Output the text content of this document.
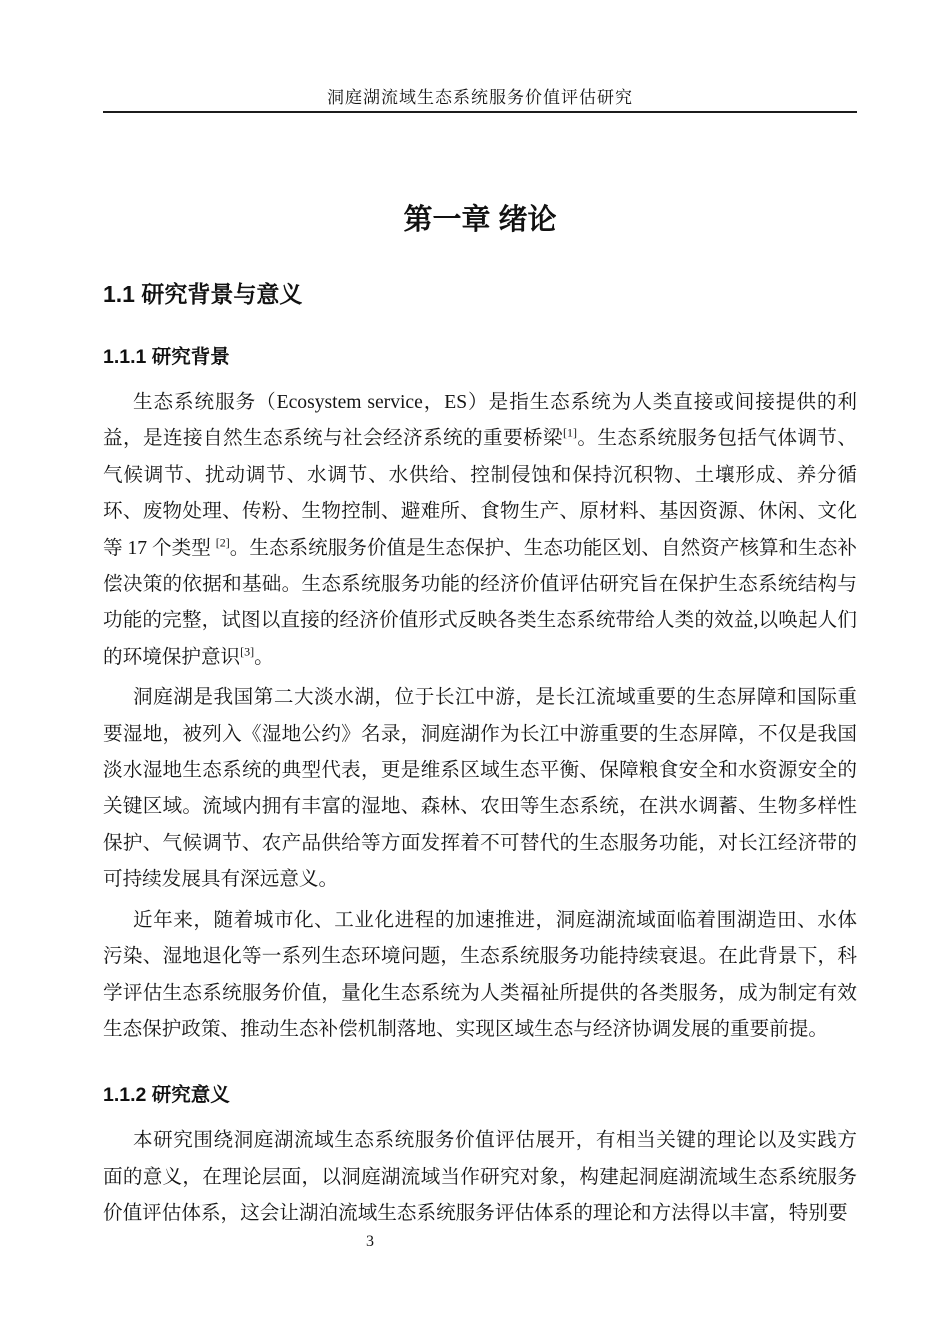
洞庭湖流域生态系统服务价值评估研究
第一章 绪论
1.1 研究背景与意义
1.1.1 研究背景

生态系统服务（Ecosystem service，ES）是指生态系统为人类直接或间接提供的利益，是连接自然生态系统与社会经济系统的重要桥梁[1]。生态系统服务包括气体调节、气候调节、扰动调节、水调节、水供给、控制侵蚀和保持沉积物、土壤形成、养分循环、废物处理、传粉、生物控制、避难所、食物生产、原材料、基因资源、休闲、文化等 17 个类型 [2]。生态系统服务价值是生态保护、生态功能区划、自然资产核算和生态补偿决策的依据和基础。生态系统服务功能的经济价值评估研究旨在保护生态系统结构与功能的完整，试图以直接的经济价值形式反映各类生态系统带给人类的效益,以唤起人们的环境保护意识[3]。

洞庭湖是我国第二大淡水湖，位于长江中游，是长江流域重要的生态屏障和国际重要湿地，被列入《湿地公约》名录，洞庭湖作为长江中游重要的生态屏障，不仅是我国淡水湿地生态系统的典型代表，更是维系区域生态平衡、保障粮食安全和水资源安全的关键区域。流域内拥有丰富的湿地、森林、农田等生态系统，在洪水调蓄、生物多样性保护、气候调节、农产品供给等方面发挥着不可替代的生态服务功能，对长江经济带的可持续发展具有深远意义。

近年来，随着城市化、工业化进程的加速推进，洞庭湖流域面临着围湖造田、水体污染、湿地退化等一系列生态环境问题，生态系统服务功能持续衰退。在此背景下，科学评估生态系统服务价值，量化生态系统为人类福祉所提供的各类服务，成为制定有效生态保护政策、推动生态补偿机制落地、实现区域生态与经济协调发展的重要前提。

1.1.2 研究意义

本研究围绕洞庭湖流域生态系统服务价值评估展开，有相当关键的理论以及实践方面的意义，在理论层面，以洞庭湖流域当作研究对象，构建起洞庭湖流域生态系统服务价值评估体系，这会让湖泊流域生态系统服务评估体系的理论和方法得以丰富，特别要

3
